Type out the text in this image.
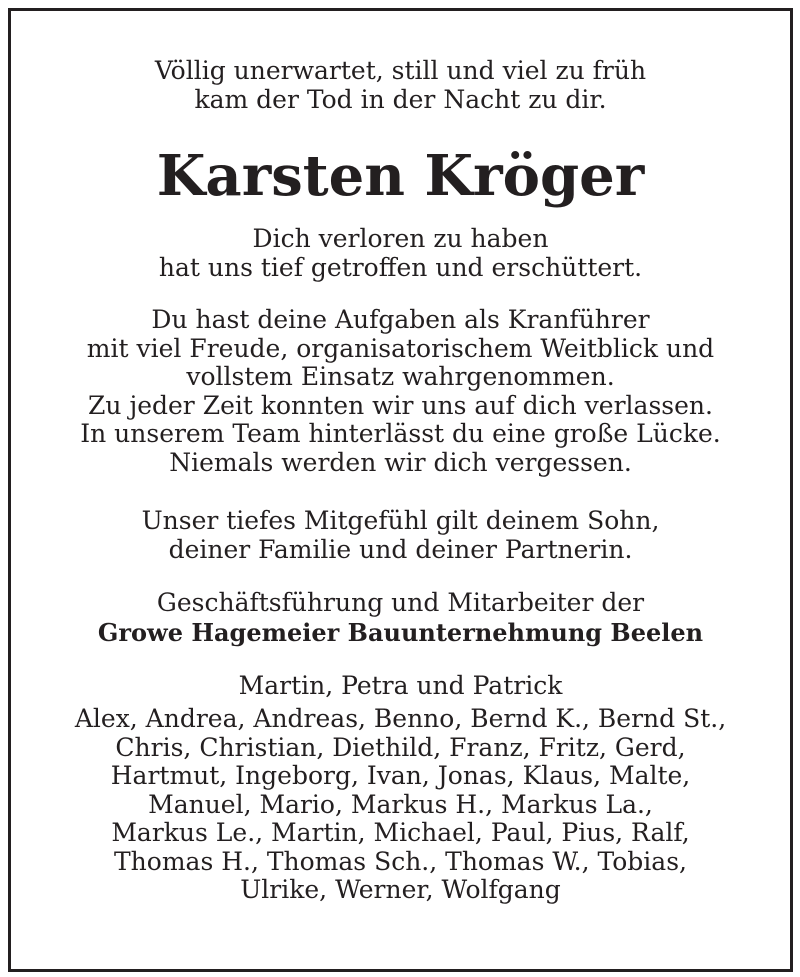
Völlig unerwartet, still und viel zu früh
kam der Tod in der Nacht zu dir.
Karsten Kröger
Dich verloren zu haben
hat uns tief getroffen und erschüttert.
Du hast deine Aufgaben als Kranführer
mit viel Freude, organisatorischem Weitblick und
vollstem Einsatz wahrgenommen.
Zu jeder Zeit konnten wir uns auf dich verlassen.
In unserem Team hinterlässt du eine große Lücke.
Niemals werden wir dich vergessen.
Unser tiefes Mitgefühl gilt deinem Sohn,
deiner Familie und deiner Partnerin.
Geschäftsführung und Mitarbeiter der
Growe Hagemeier Bauunternehmung Beelen
Martin, Petra und Patrick
Alex, Andrea, Andreas, Benno, Bernd K., Bernd St.,
Chris, Christian, Diethild, Franz, Fritz, Gerd,
Hartmut, Ingeborg, Ivan, Jonas, Klaus, Malte,
Manuel, Mario, Markus H., Markus La.,
Markus Le., Martin, Michael, Paul, Pius, Ralf,
Thomas H., Thomas Sch., Thomas W., Tobias,
Ulrike, Werner, Wolfgang
